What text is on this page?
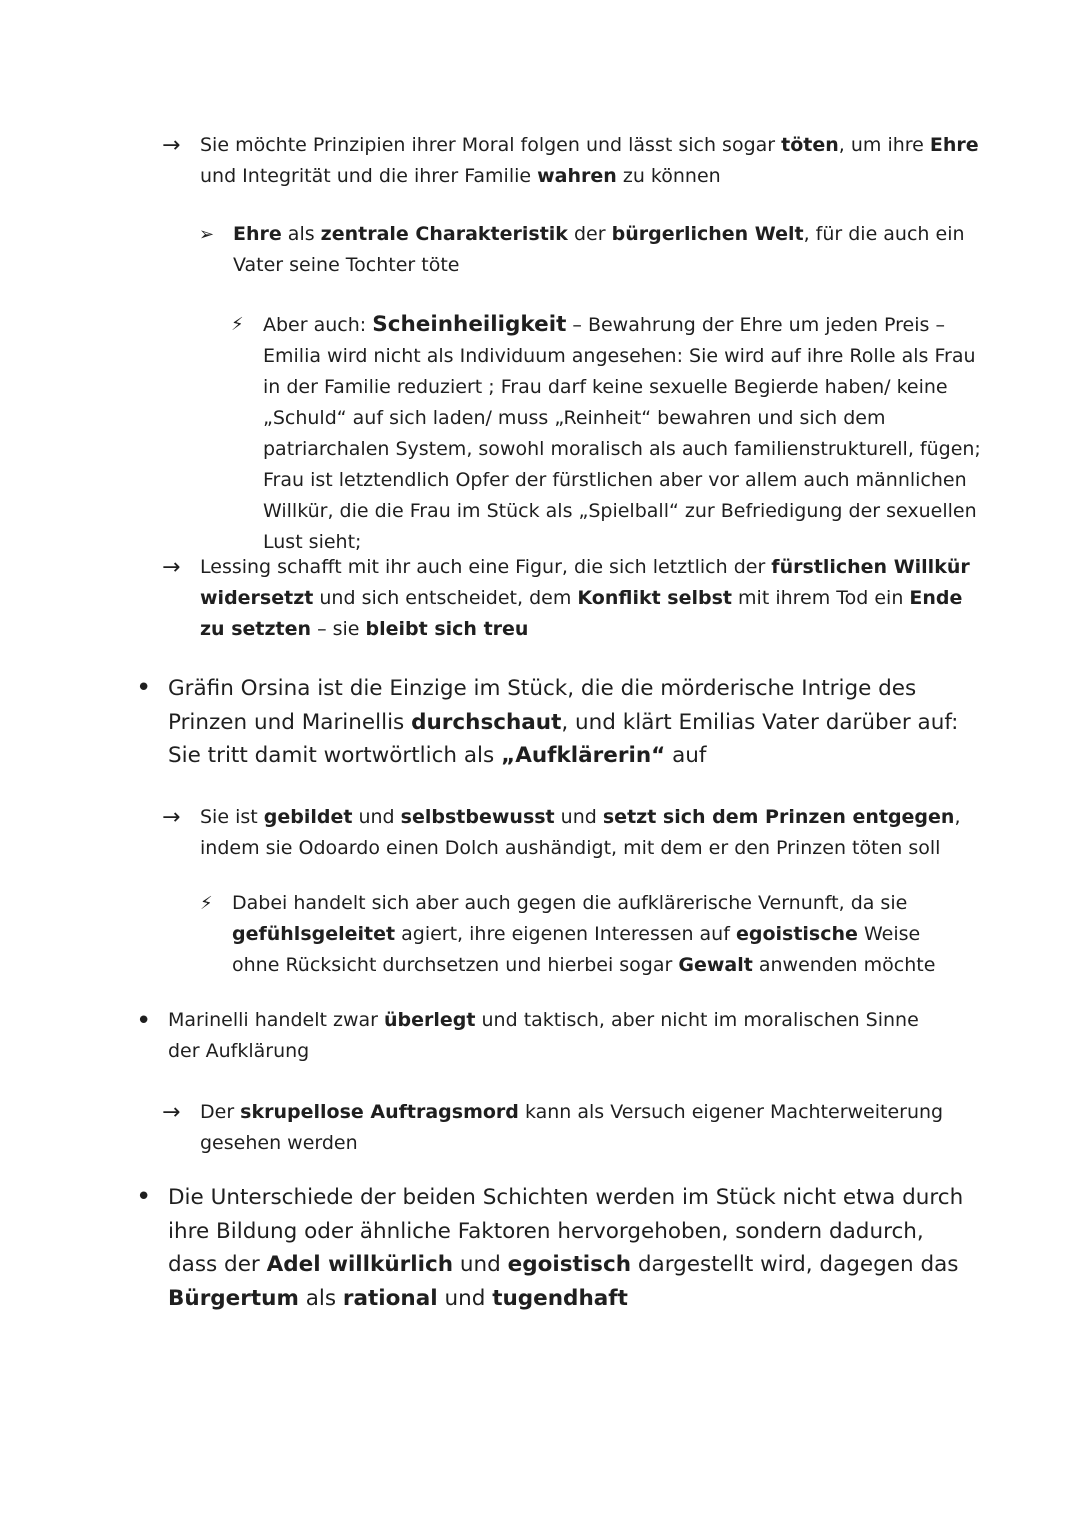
→ Sie möchte Prinzipien ihrer Moral folgen und lässt sich sogar töten, um ihre Ehre und Integrität und die ihrer Familie wahren zu können
➢ Ehre als zentrale Charakteristik der bürgerlichen Welt, für die auch ein Vater seine Tochter töte
⚡ Aber auch: Scheinheiligkeit – Bewahrung der Ehre um jeden Preis – Emilia wird nicht als Individuum angesehen: Sie wird auf ihre Rolle als Frau in der Familie reduziert ; Frau darf keine sexuelle Begierde haben/ keine „Schuld“ auf sich laden/ muss „Reinheit“ bewahren und sich dem patriarchalen System, sowohl moralisch als auch familienstrukturell, fügen; Frau ist letztendlich Opfer der fürstlichen aber vor allem auch männlichen Willkür, die die Frau im Stück als „Spielball“ zur Befriedigung der sexuellen Lust sieht;
→ Lessing schafft mit ihr auch eine Figur, die sich letztlich der fürstlichen Willkür widersetzt und sich entscheidet, dem Konflikt selbst mit ihrem Tod ein Ende zu setzten – sie bleibt sich treu
• Gräfin Orsina ist die Einzige im Stück, die die mörderische Intrige des Prinzen und Marinellis durchschaut, und klärt Emilias Vater darüber auf: Sie tritt damit wortwörtlich als „Aufklärerin“ auf
→ Sie ist gebildet und selbstbewusst und setzt sich dem Prinzen entgegen, indem sie Odoardo einen Dolch aushändigt, mit dem er den Prinzen töten soll
⚡ Dabei handelt sich aber auch gegen die aufklärerische Vernunft, da sie gefühlsgeleitet agiert, ihre eigenen Interessen auf egoistische Weise ohne Rücksicht durchsetzen und hierbei sogar Gewalt anwenden möchte
• Marinelli handelt zwar überlegt und taktisch, aber nicht im moralischen Sinne der Aufklärung
→ Der skrupellose Auftragsmord kann als Versuch eigener Machterweiterung gesehen werden
• Die Unterschiede der beiden Schichten werden im Stück nicht etwa durch ihre Bildung oder ähnliche Faktoren hervorgehoben, sondern dadurch, dass der Adel willkürlich und egoistisch dargestellt wird, dagegen das Bürgertum als rational und tugendhaft
